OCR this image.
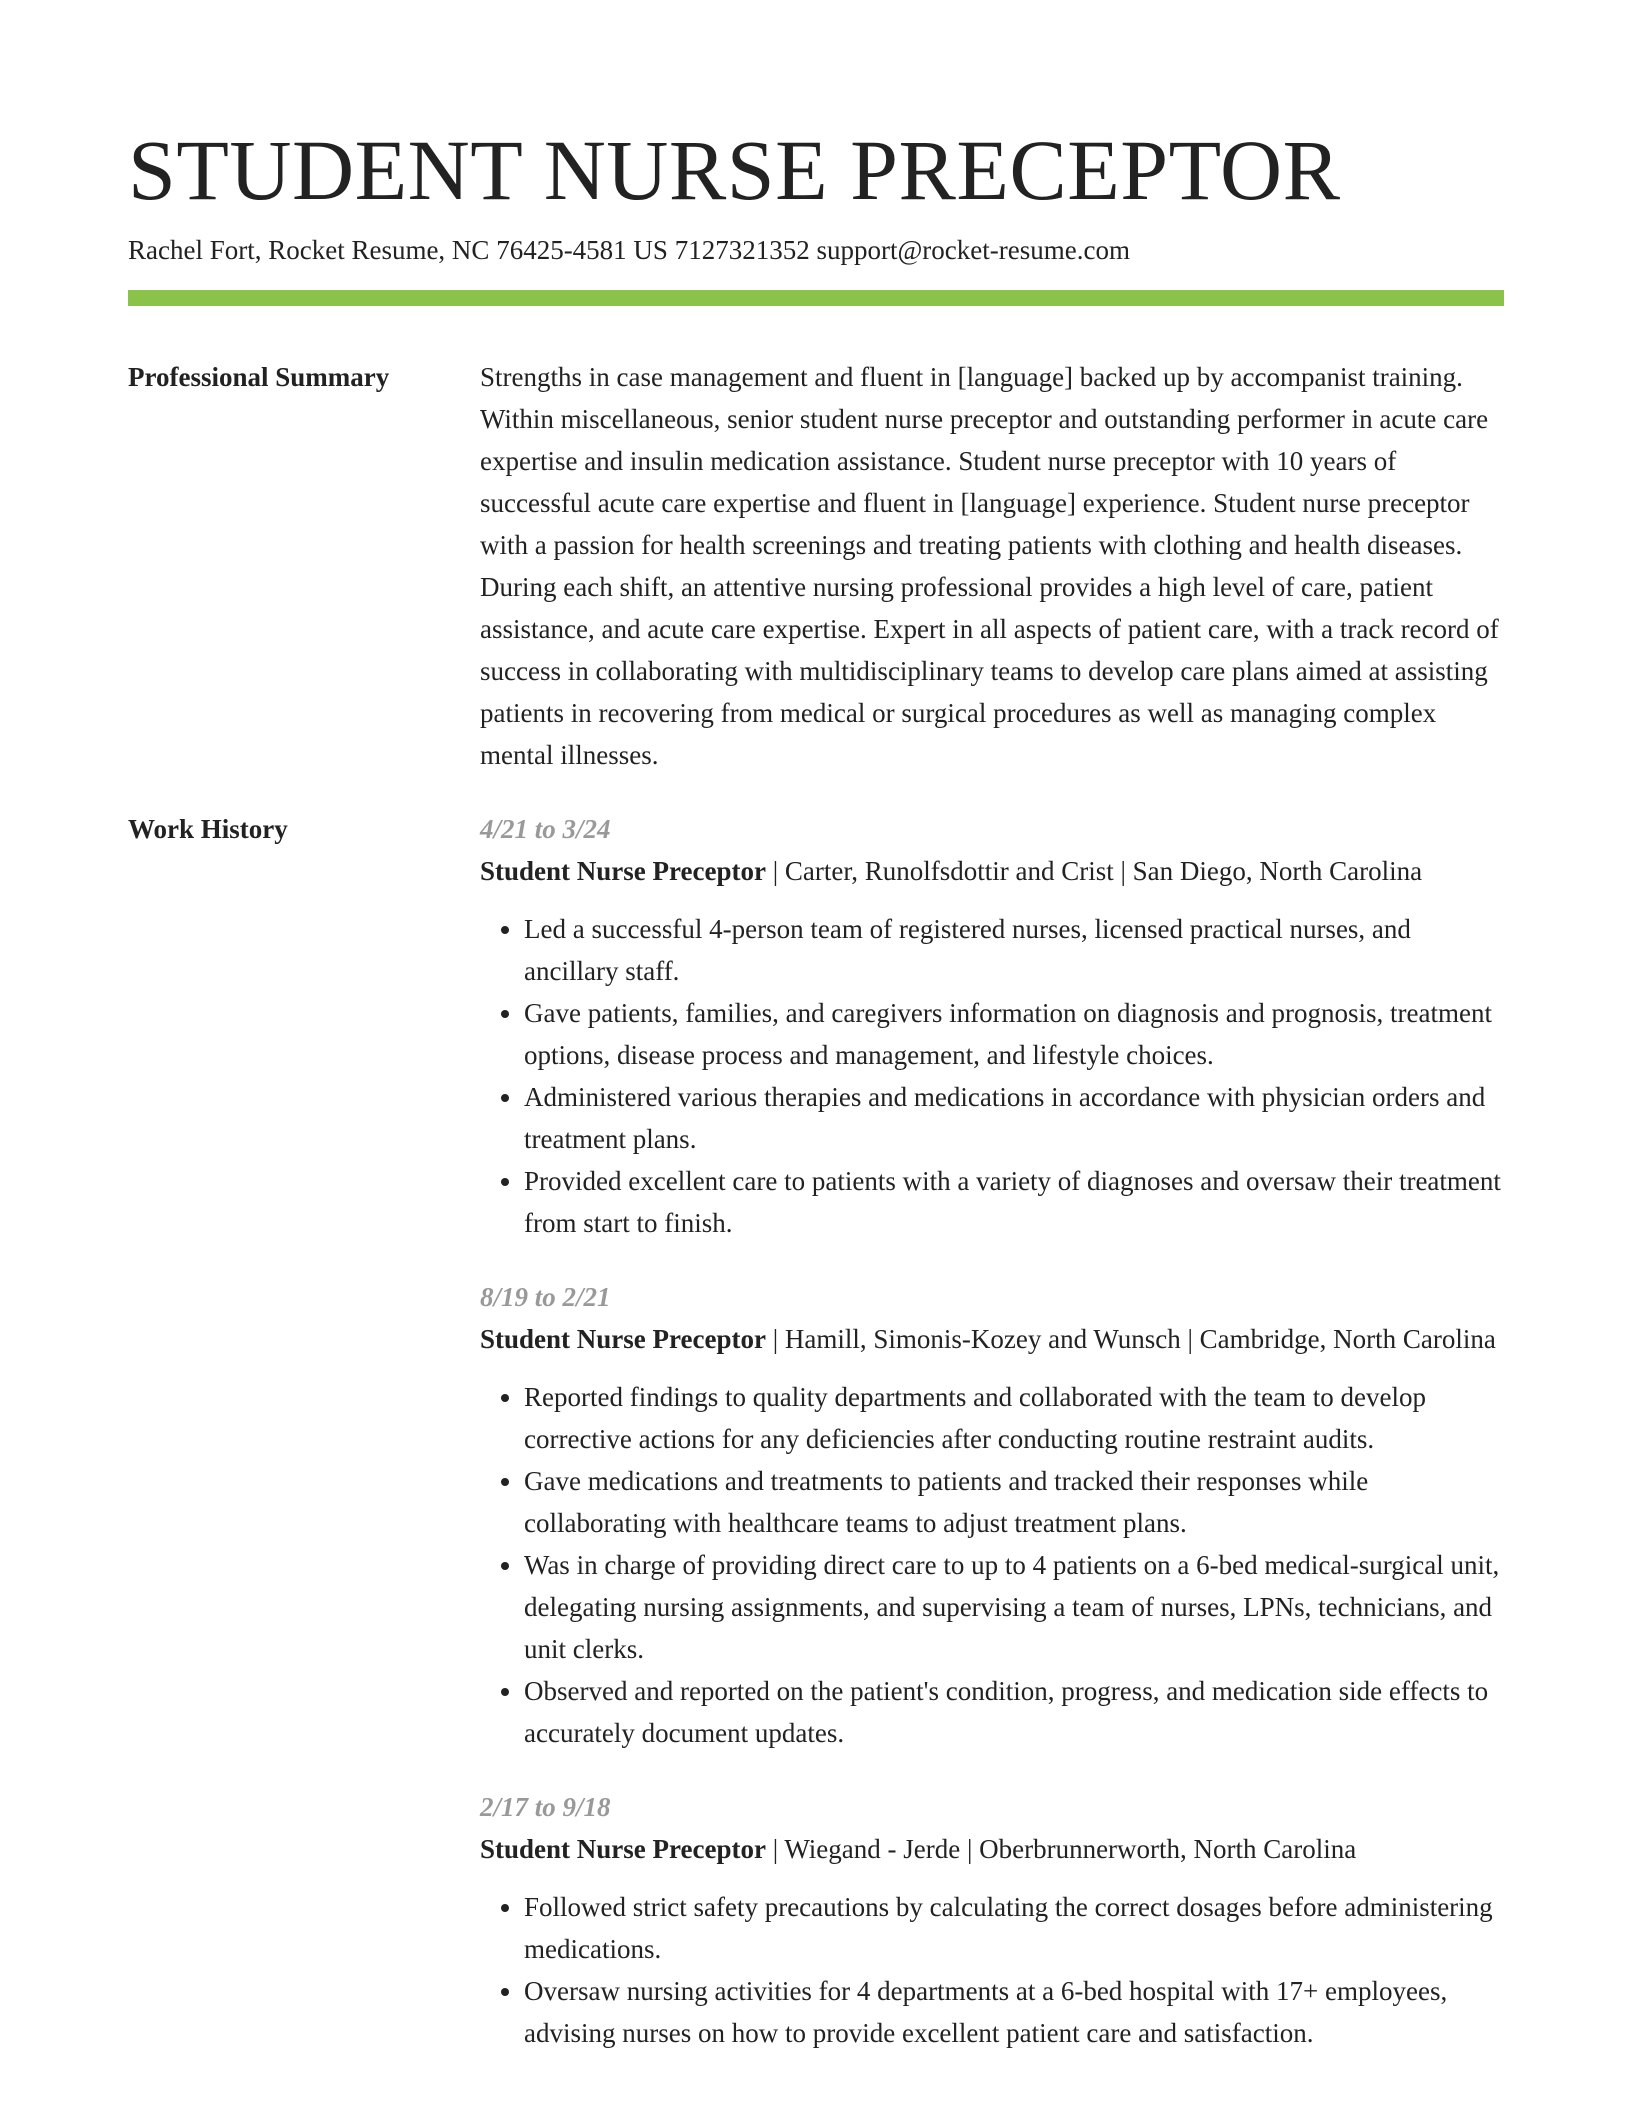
STUDENT NURSE PRECEPTOR
Rachel Fort, Rocket Resume, NC 76425-4581 US 7127321352 support@rocket-resume.com
Professional Summary	Strengths in case management and fluent in [language] backed up by accompanist training. Within miscellaneous, senior student nurse preceptor and outstanding performer in acute care expertise and insulin medication assistance. Student nurse preceptor with 10 years of successful acute care expertise and fluent in [language] experience. Student nurse preceptor with a passion for health screenings and treating patients with clothing and health diseases. During each shift, an attentive nursing professional provides a high level of care, patient assistance, and acute care expertise. Expert in all aspects of patient care, with a track record of success in collaborating with multidisciplinary teams to develop care plans aimed at assisting patients in recovering from medical or surgical procedures as well as managing complex mental illnesses.

Work History	4/21 to 3/24
Student Nurse Preceptor | Carter, Runolfsdottir and Crist | San Diego, North Carolina
• Led a successful 4-person team of registered nurses, licensed practical nurses, and ancillary staff.
• Gave patients, families, and caregivers information on diagnosis and prognosis, treatment options, disease process and management, and lifestyle choices.
• Administered various therapies and medications in accordance with physician orders and treatment plans.
• Provided excellent care to patients with a variety of diagnoses and oversaw their treatment from start to finish.
8/19 to 2/21
Student Nurse Preceptor | Hamill, Simonis-Kozey and Wunsch | Cambridge, North Carolina
• Reported findings to quality departments and collaborated with the team to develop corrective actions for any deficiencies after conducting routine restraint audits.
• Gave medications and treatments to patients and tracked their responses while collaborating with healthcare teams to adjust treatment plans.
• Was in charge of providing direct care to up to 4 patients on a 6-bed medical-surgical unit, delegating nursing assignments, and supervising a team of nurses, LPNs, technicians, and unit clerks.
• Observed and reported on the patient's condition, progress, and medication side effects to accurately document updates.
2/17 to 9/18
Student Nurse Preceptor | Wiegand - Jerde | Oberbrunnerworth, North Carolina
• Followed strict safety precautions by calculating the correct dosages before administering medications.
• Oversaw nursing activities for 4 departments at a 6-bed hospital with 17+ employees, advising nurses on how to provide excellent patient care and satisfaction.
